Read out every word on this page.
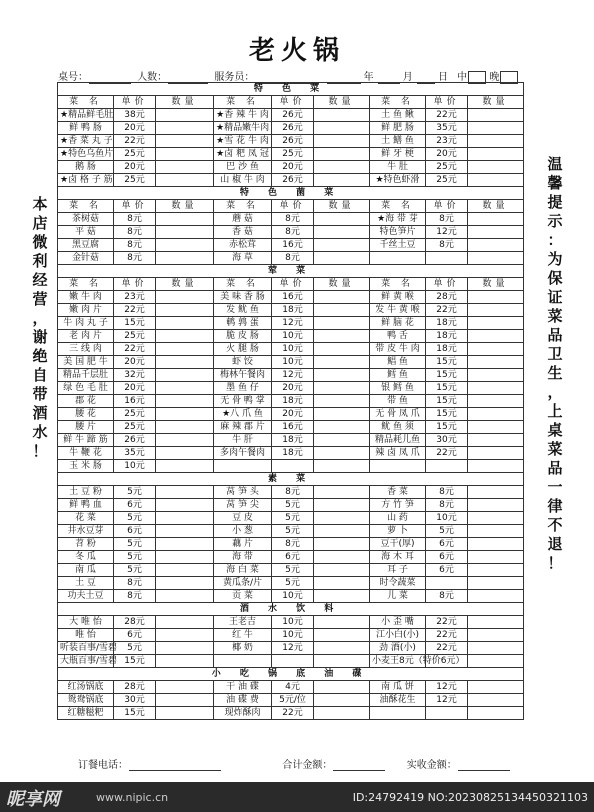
老火锅
桌号：	人数：	服务员：	年	月	日 中 晚
本
店
微
利
经
营
，
谢
绝
自
带
酒
水
！
温
馨
提
示
：
为
保
证
菜
品
卫
生
，
上
桌
菜
品
一
律
不
退
！
特 色 菜								
菜 名	单价	数量	菜 名	单价	数量	菜 名	单价	数量
★精品鲜毛肚	38元		★香 辣 牛 肉	26元		土 鱼 鳅	22元	
鲜 鸭 肠	20元		★精品嫩牛肉	26元		鲜 肥 肠	35元	
★香 菜 丸 子	22元		★雪 花 牛 肉	26元		土 鳝 鱼	23元	
★特色乌鱼片	25元		★卤 粑 凤 冠	25元		鲜 牙 梗	20元	
鹅 肠	20元		巴 沙 鱼	20元		牛 肚	25元	
★卤 格 子 筋	25元		山 椒 牛 肉	26元		★特色虾滑	25元	
特 色 菌 菜								
菜 名	单价	数量	菜 名	单价	数量	菜 名	单价	数量
茶树菇	8元		蘑 菇	8元		★海 带 芽	8元	
平 菇	8元		香 菇	8元		特色笋片	12元	
黑豆腐	8元		赤松茸	16元		千丝土豆	8元	
金针菇	8元		海 草	8元				
荤 菜								
菜 名	单价	数量	菜 名	单价	数量	菜 名	单价	数量
嫩 牛 肉	23元		美 味 香 肠	16元		鲜 黄 喉	28元	
嫩 肉 片	22元		发 鱿 鱼	18元		发 牛 黄 喉	22元	
牛 肉 丸 子	15元		鹌 鹑 蛋	12元		鲜 脑 花	18元	
老 肉 片	25元		脆 皮 肠	10元		鸭 舌	18元	
三 线 肉	22元		火 腿 肠	10元		带 皮 牛 肉	18元	
美 国 肥 牛	20元		虾 饺	10元		鲳 鱼	15元	
精品千层肚	32元		梅林午餐肉	12元		鳕 鱼	15元	
绿 色 毛 肚	20元		墨 鱼 仔	20元		银 鳕 鱼	15元	
郡 花	16元		无 骨 鸭 掌	18元		带 鱼	15元	
腰 花	25元		★八 爪 鱼	20元		无 骨 凤 爪	15元	
腰 片	25元		麻 辣 郡 片	16元		鱿 鱼 须	15元	
鲜 牛 蹄 筋	26元		牛 肝	18元		精品耗儿鱼	30元	
牛 鞭 花	35元		多肉午餐肉	18元		辣 卤 凤 爪	22元	
玉 米 肠	10元							
素 菜								
土 豆 粉	5元		莴 笋 头	8元		香 菜	8元	
鲜 鸭 血	6元		莴 笋 尖	5元		方 竹 笋	8元	
花 菜	5元		豆 皮	5元		山 药	10元	
井水豆芽	6元		小 葱	5元		萝 卜	5元	
苕 粉	5元		藕 片	8元		豆干(厚)	6元	
冬 瓜	5元		海 带	6元		海 木 耳	6元	
南 瓜	5元		海 白 菜	5元		耳 子	6元	
土 豆	8元		黄瓜条/片	5元		时令蔬菜		
功夫土豆	8元		贡 菜	10元		儿 菜	8元	
酒 水 饮 料								
大 唯 怡	28元		王老吉	10元		小 歪 嘴	22元	
唯 怡	6元		红 牛	10元		江小白(小)	22元	
听装百事/雪碧	5元		椰 奶	12元		劲 酒(小)	22元	
大瓶百事/雪碧	15元					小麦王8元（特价6元）		
小 吃 锅 底 油 碟								
红汤锅底	28元		干 油 碟	4元		南 瓜 饼	12元	
鸳鸯锅底	30元		油 碟 费	5元/位		油酥花生	12元	
红糖糍粑	15元		现炸酥肉	22元				
订餐电话：	合计金额：	实收金额：
昵享网	www.nipic.cn	ID:24792419 NO:20230825134450321103
